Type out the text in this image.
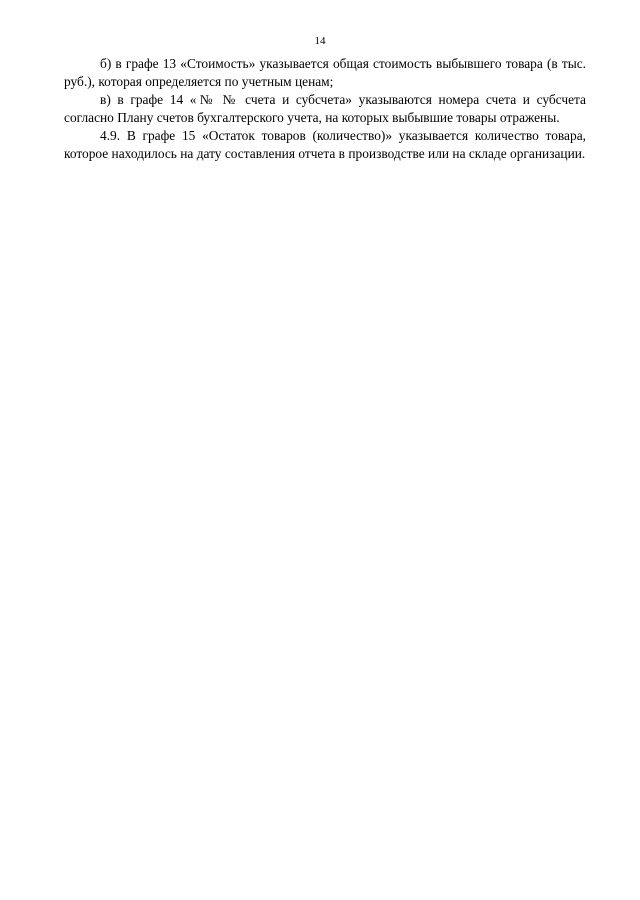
14

б) в графе 13 «Стоимость» указывается общая стоимость выбывшего товара (в тыс. руб.), которая определяется по учетным ценам;

в) в графе 14 «№ № счета и субсчета» указываются номера счета и субсчета согласно Плану счетов бухгалтерского учета, на которых выбывшие товары отражены.

4.9. В графе 15 «Остаток товаров (количество)» указывается количество товара, которое находилось на дату составления отчета в производстве или на складе организации.
